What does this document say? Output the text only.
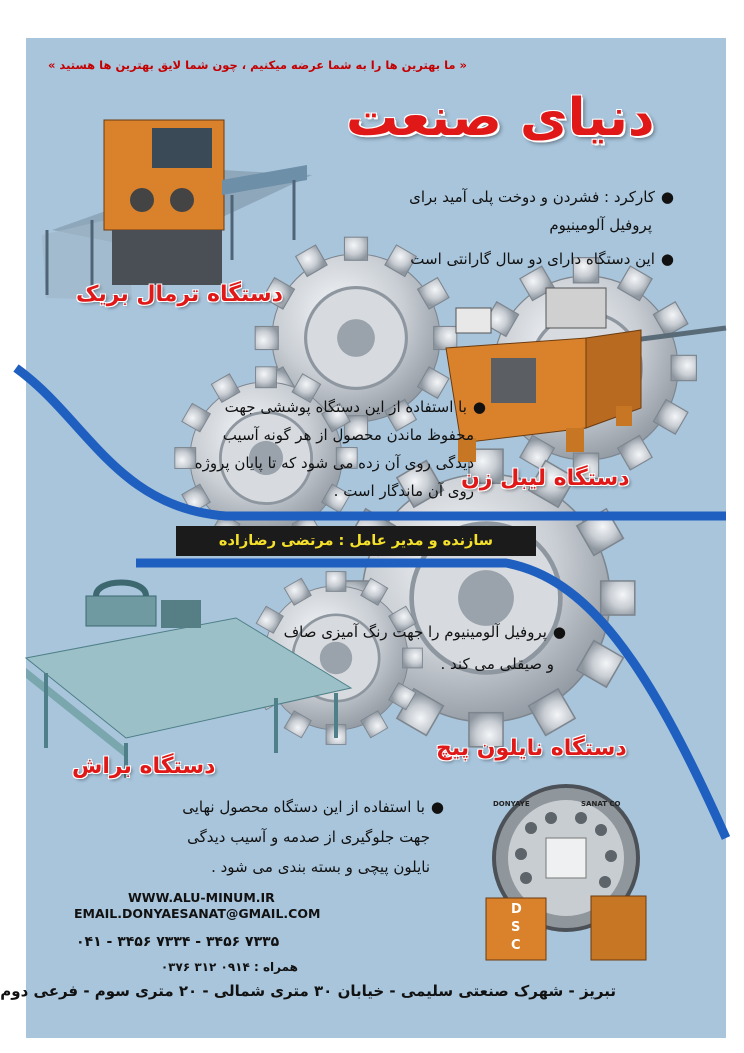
« ما بهترین ها را به شما عرضه میکنیم ، چون شما لایق بهترین ها هستید »
دنیای صنعت
دستگاه ترمال بریک
● کارکرد : فشردن و دوخت پلی آمید برای
پروفیل آلومینیوم
● این دستگاه دارای دو سال گارانتی است
دستگاه لیبل زن
● با استفاده از این دستگاه پوششی جهت
محفوظ ماندن محصول از هر گونه آسیب
دیدگی روی آن زده می شود که تا پایان پروژه
روی آن ماندگار است .
سازنده و مدیر عامل : مرتضی رضازاده
دستگاه براش
● پروفیل آلومینیوم را جهت رنگ آمیزی صاف
و صیقلی می کند .
دستگاه نایلون پیچ
● با استفاده از این دستگاه محصول نهایی
جهت جلوگیری از صدمه و آسیب دیدگی
نایلون پیچی و بسته بندی می شود .
DONYAYE	SANAT CO
D
S
C
WWW.ALU-MINUM.IR
EMAIL.DONYAESANAT@GMAIL.COM
۰۴۱ - ۳۴۵۶ ۷۳۳۴ - ۳۴۵۶ ۷۳۳۵
همراه : ۰۹۱۴ ۳۱۲ ۰۳۷۶
تبریز - شهرک صنعتی سلیمی - خیابان ۳۰ متری شمالی - ۲۰ متری سوم - فرعی دوم
